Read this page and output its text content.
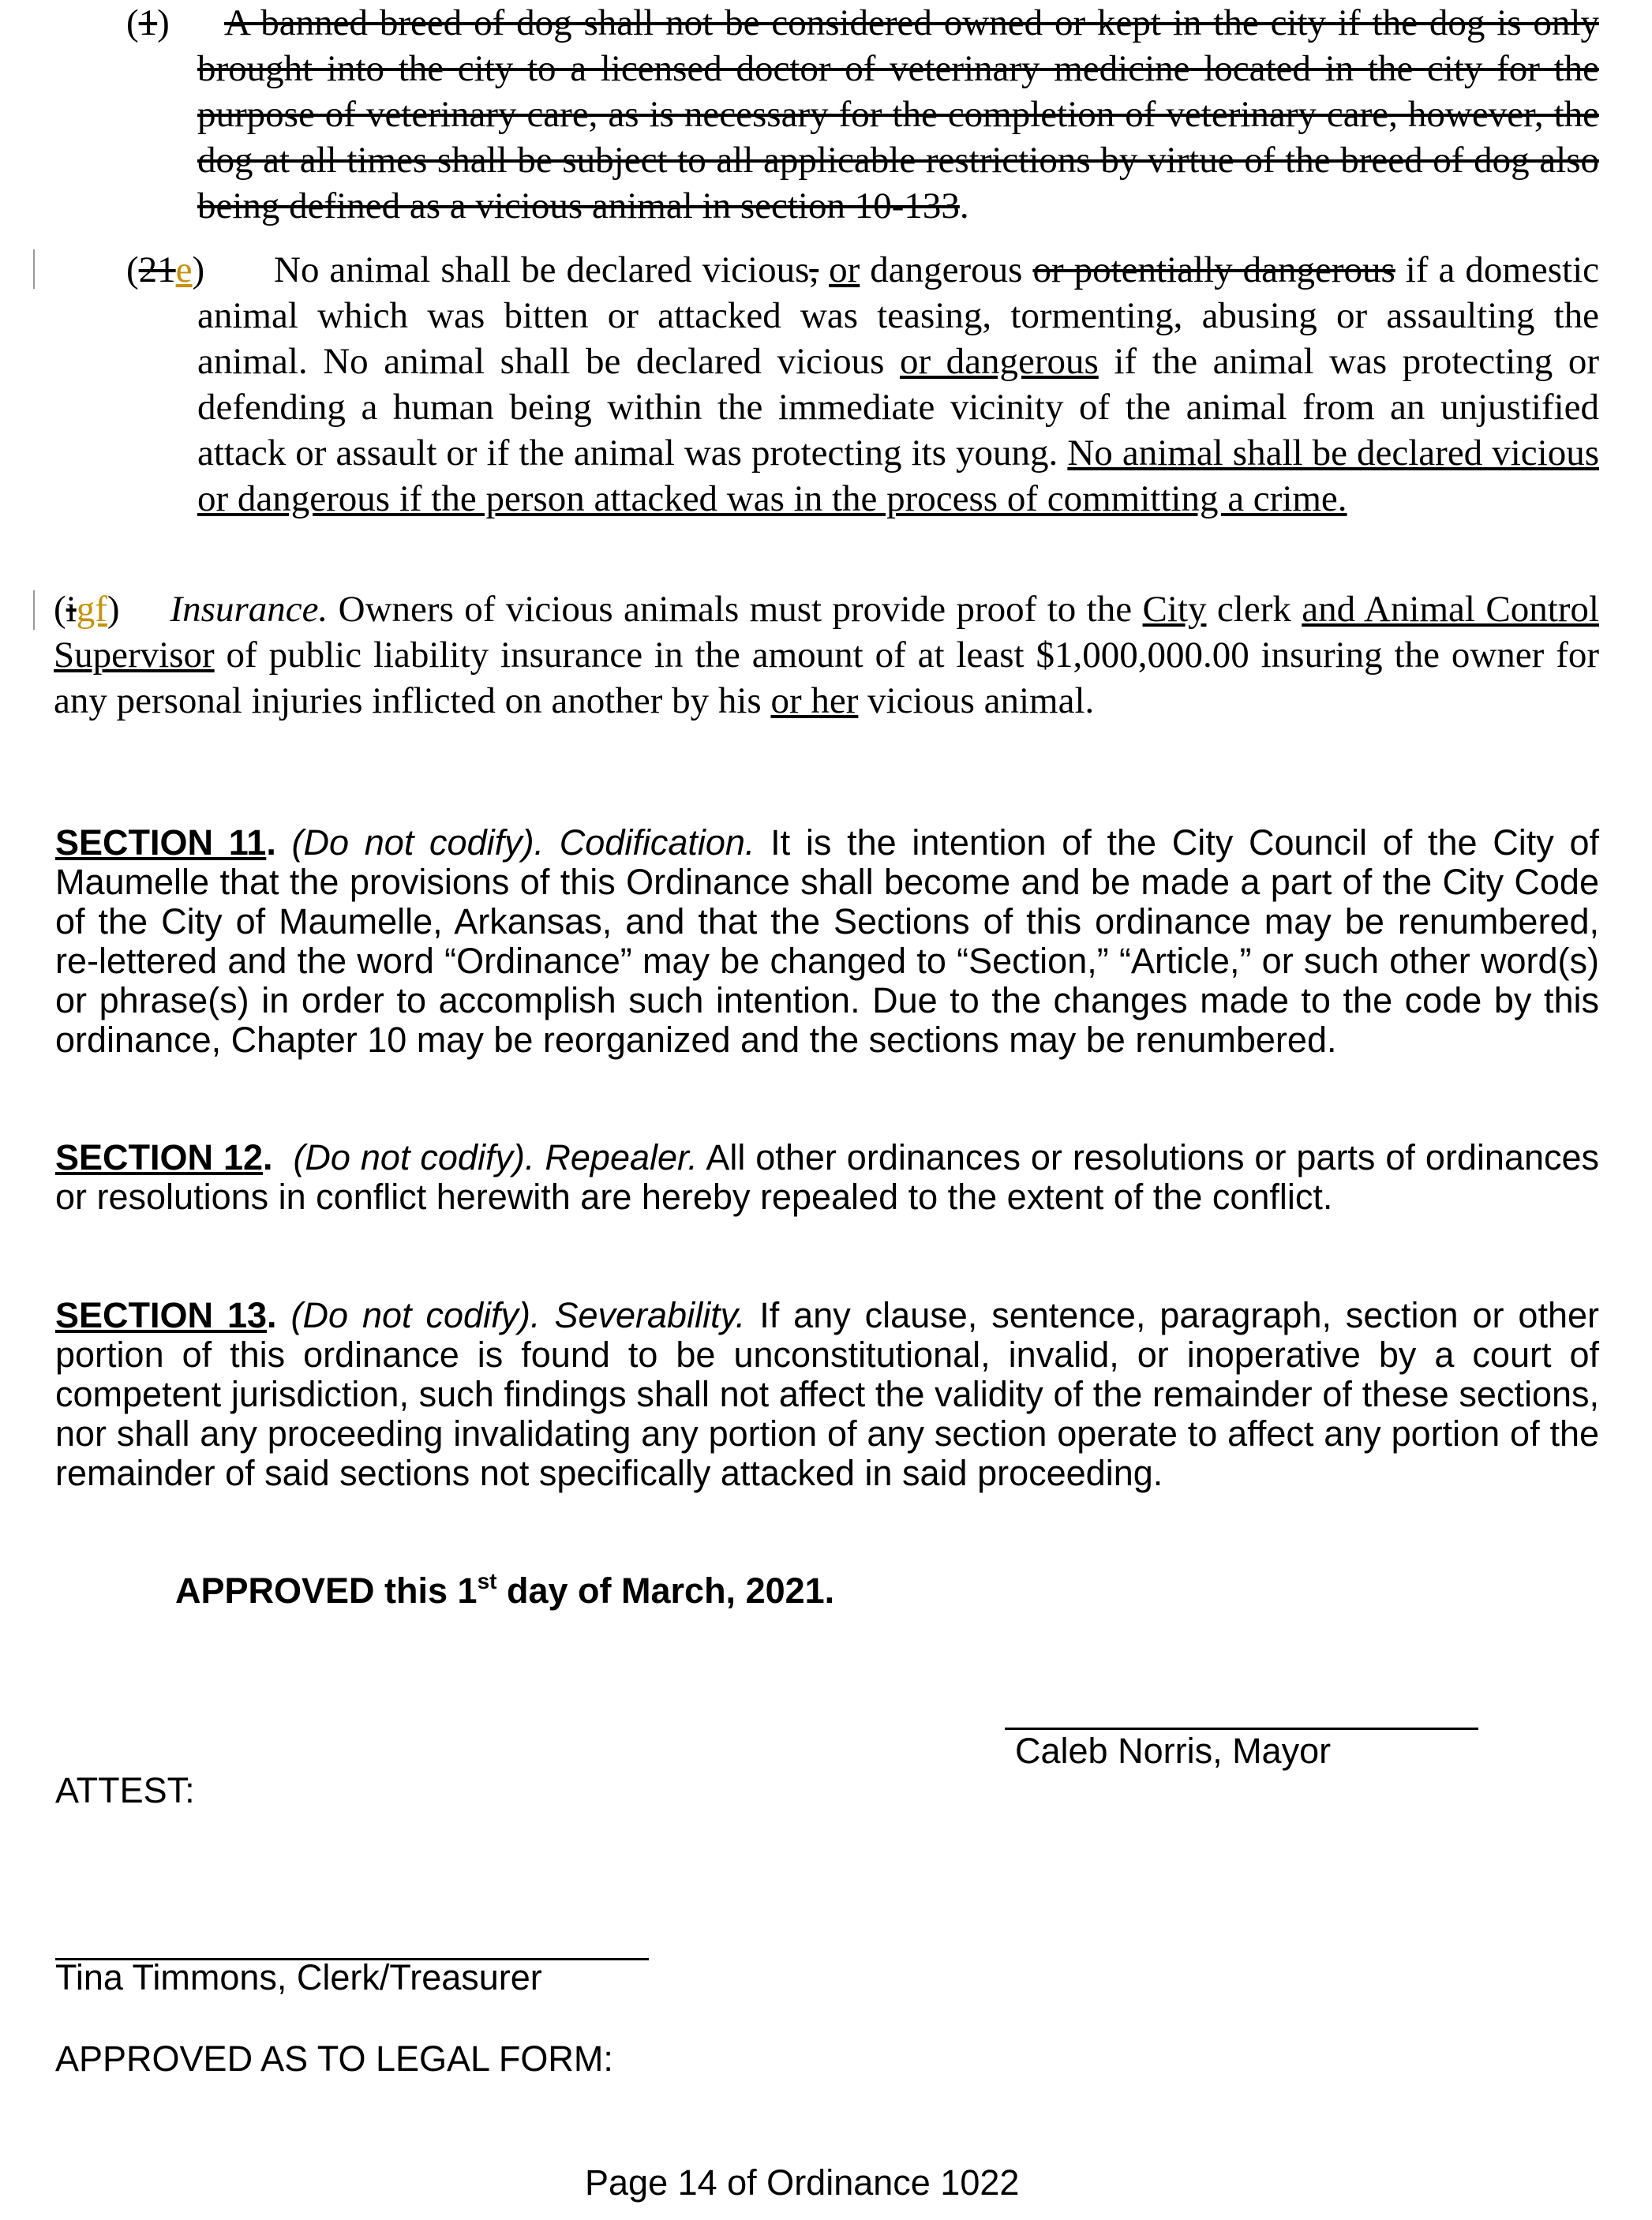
(1)	A banned breed of dog shall not be considered owned or kept in the city if the dog is only brought into the city to a licensed doctor of veterinary medicine located in the city for the purpose of veterinary care, as is necessary for the completion of veterinary care, however, the dog at all times shall be subject to all applicable restrictions by virtue of the breed of dog also being defined as a vicious animal in section 10-133.
(21e)	No animal shall be declared vicious, or dangerous or potentially dangerous if a domestic animal which was bitten or attacked was teasing, tormenting, abusing or assaulting the animal. No animal shall be declared vicious or dangerous if the animal was protecting or defending a human being within the immediate vicinity of the animal from an unjustified attack or assault or if the animal was protecting its young. No animal shall be declared vicious or dangerous if the person attacked was in the process of committing a crime.
(igf) Insurance. Owners of vicious animals must provide proof to the City clerk and Animal Control Supervisor of public liability insurance in the amount of at least $1,000,000.00 insuring the owner for any personal injuries inflicted on another by his or her vicious animal.
SECTION 11. (Do not codify). Codification. It is the intention of the City Council of the City of Maumelle that the provisions of this Ordinance shall become and be made a part of the City Code of the City of Maumelle, Arkansas, and that the Sections of this ordinance may be renumbered, re-lettered and the word “Ordinance” may be changed to “Section,” “Article,” or such other word(s) or phrase(s) in order to accomplish such intention. Due to the changes made to the code by this ordinance, Chapter 10 may be reorganized and the sections may be renumbered.
SECTION 12.  (Do not codify). Repealer. All other ordinances or resolutions or parts of ordinances or resolutions in conflict herewith are hereby repealed to the extent of the conflict.
SECTION 13. (Do not codify). Severability. If any clause, sentence, paragraph, section or other portion of this ordinance is found to be unconstitutional, invalid, or inoperative by a court of competent jurisdiction, such findings shall not affect the validity of the remainder of these sections, nor shall any proceeding invalidating any portion of any section operate to affect any portion of the remainder of said sections not specifically attacked in said proceeding.
APPROVED this 1st day of March, 2021.
Caleb Norris, Mayor
ATTEST:
Tina Timmons, Clerk/Treasurer
APPROVED AS TO LEGAL FORM:
Page 14 of Ordinance 1022
